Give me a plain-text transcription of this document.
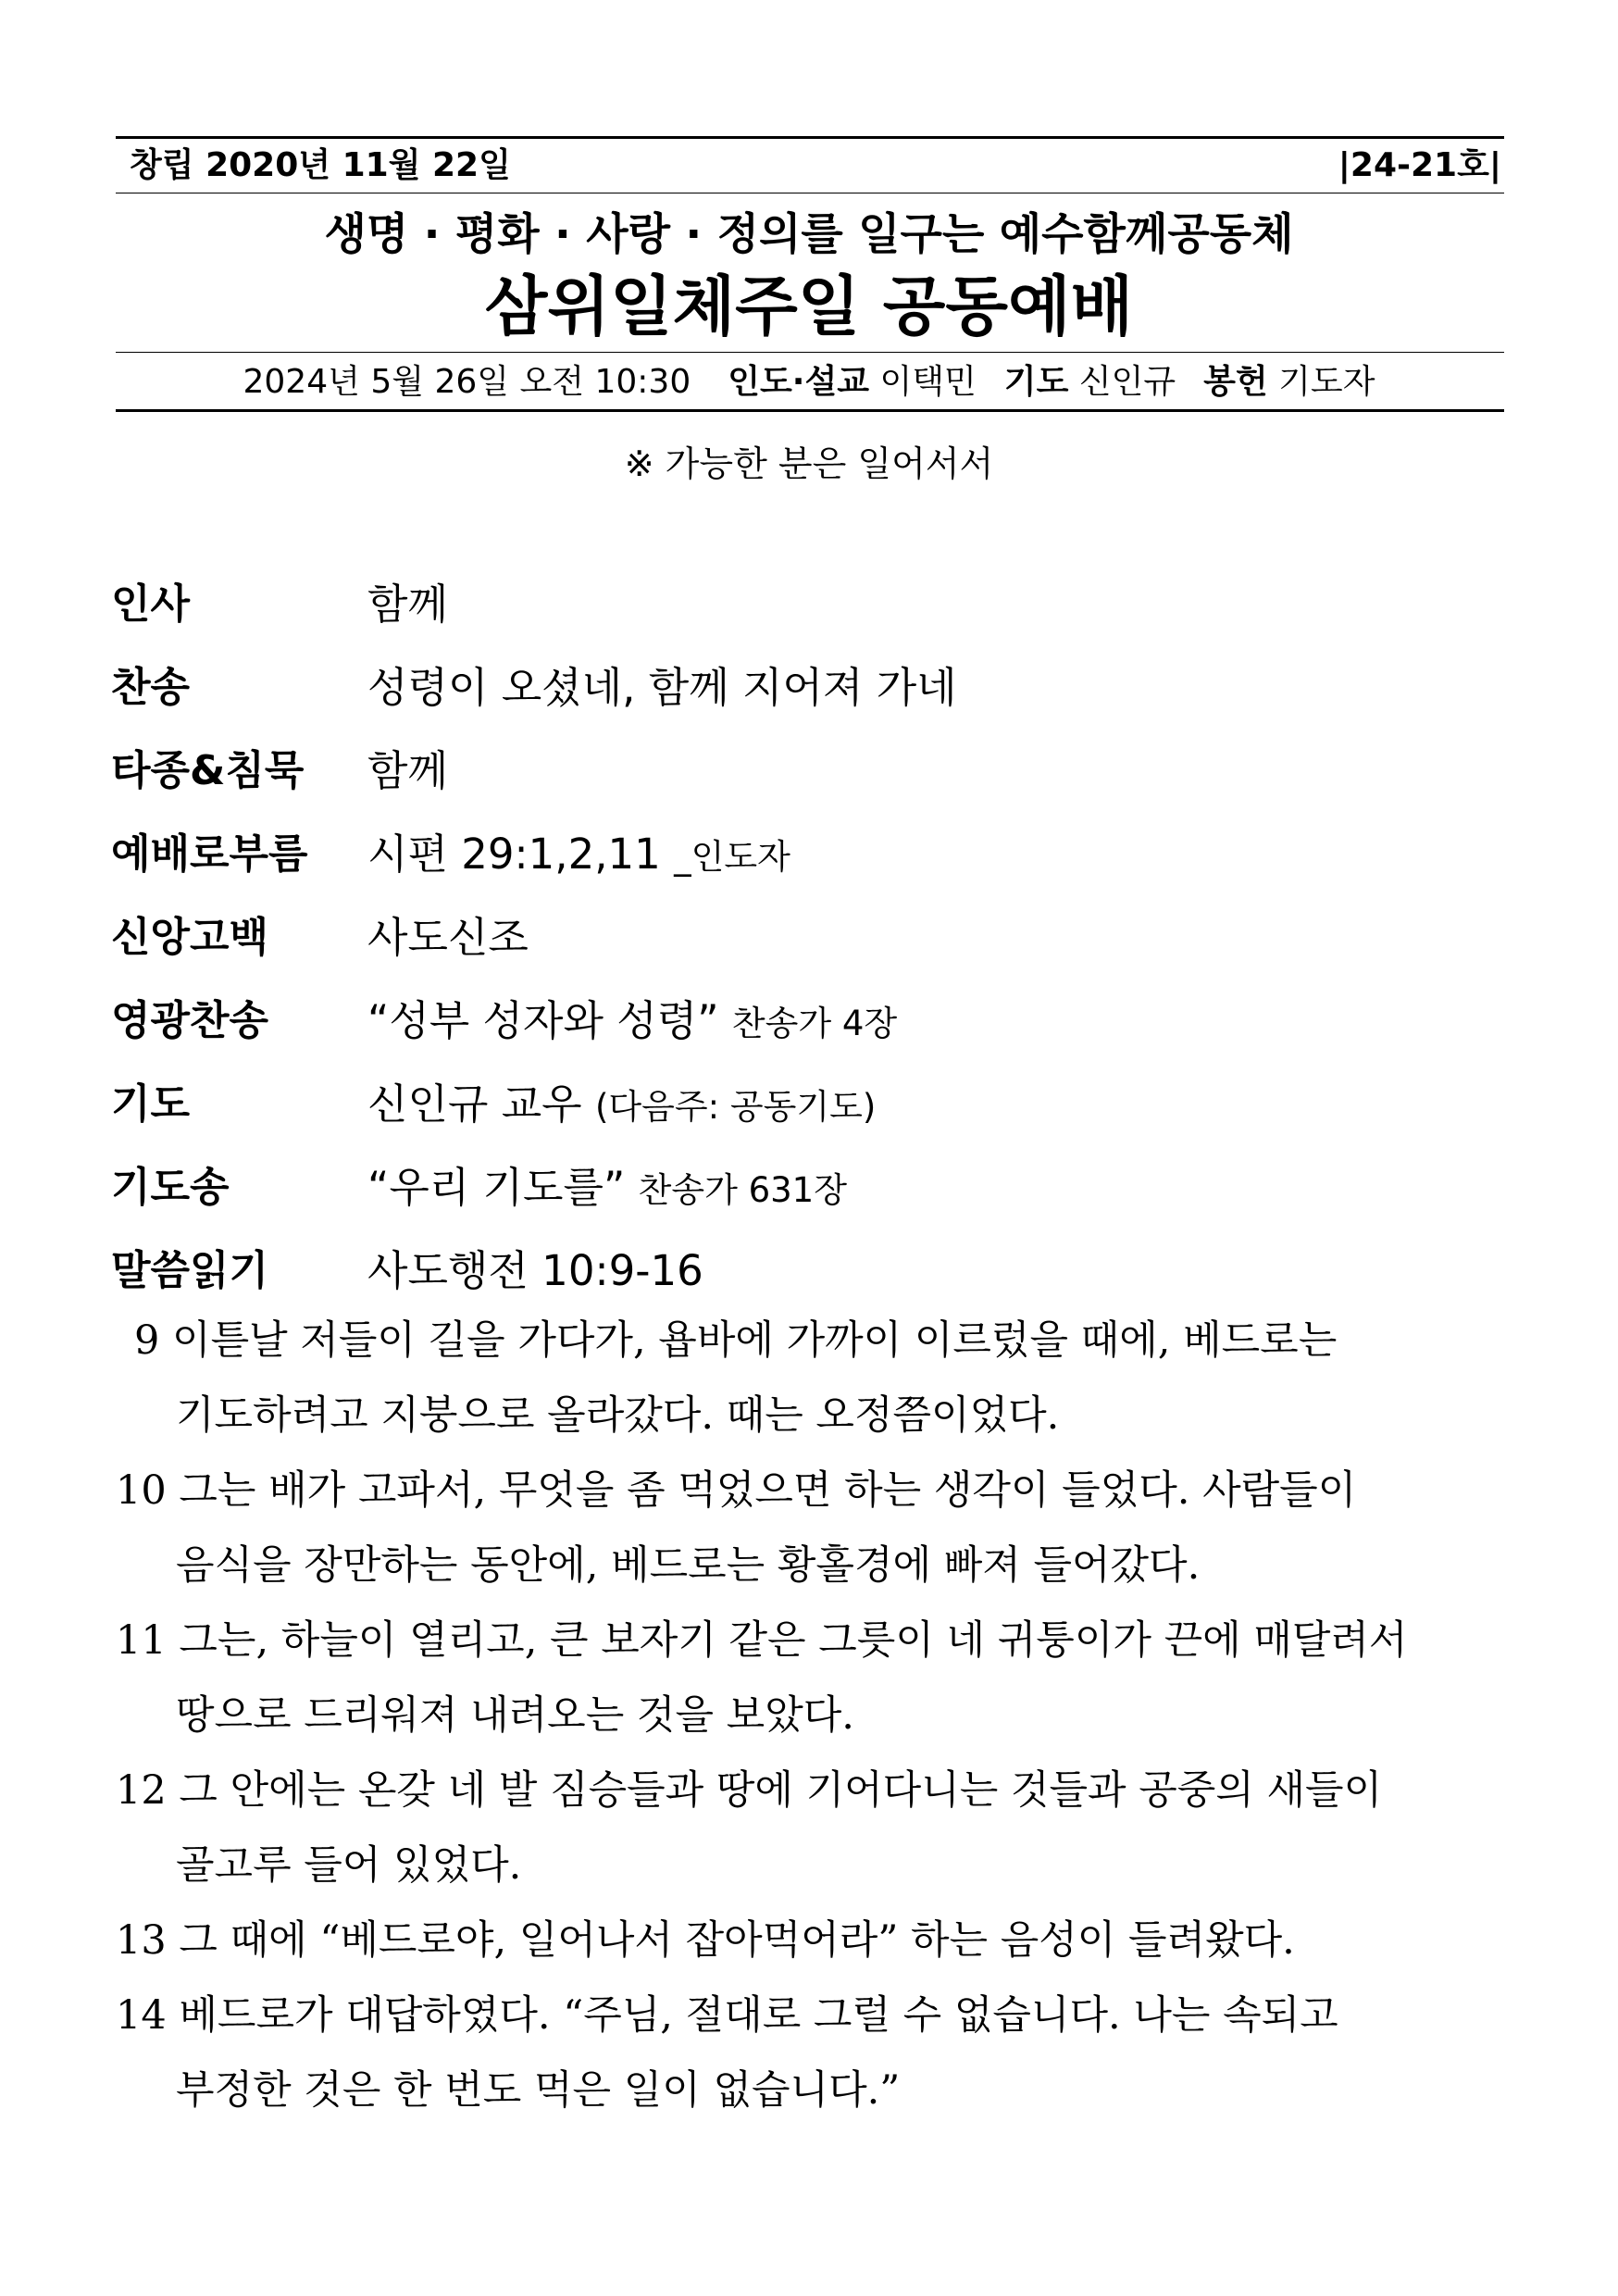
창립 2020년 11월 22일	|24-21호|
생명 · 평화 · 사랑 · 정의를 일구는 예수함께공동체
삼위일체주일 공동예배
2024년 5월 26일 오전 10:30 인도·설교 이택민 기도 신인규 봉헌 기도자
※ 가능한 분은 일어서서
인사	함께
찬송	성령이 오셨네, 함께 지어져 가네
타종&침묵 함께
예배로부름 시편 29:1,2,11 _인도자
신앙고백 사도신조
영광찬송 “성부 성자와 성령” 찬송가 4장
기도	신인규 교우 (다음주: 공동기도)
기도송	“우리 기도를” 찬송가 631장
말씀읽기 사도행전 10:9-16
9 이튿날 저들이 길을 가다가, 욥바에 가까이 이르렀을 때에, 베드로는
기도하려고 지붕으로 올라갔다. 때는 오정쯤이었다.
10 그는 배가 고파서, 무엇을 좀 먹었으면 하는 생각이 들었다. 사람들이
음식을 장만하는 동안에, 베드로는 황홀경에 빠져 들어갔다.
11 그는, 하늘이 열리고, 큰 보자기 같은 그릇이 네 귀퉁이가 끈에 매달려서
땅으로 드리워져 내려오는 것을 보았다.
12 그 안에는 온갖 네 발 짐승들과 땅에 기어다니는 것들과 공중의 새들이
골고루 들어 있었다.
13 그 때에 “베드로야, 일어나서 잡아먹어라” 하는 음성이 들려왔다.
14 베드로가 대답하였다. “주님, 절대로 그럴 수 없습니다. 나는 속되고
부정한 것은 한 번도 먹은 일이 없습니다.”
